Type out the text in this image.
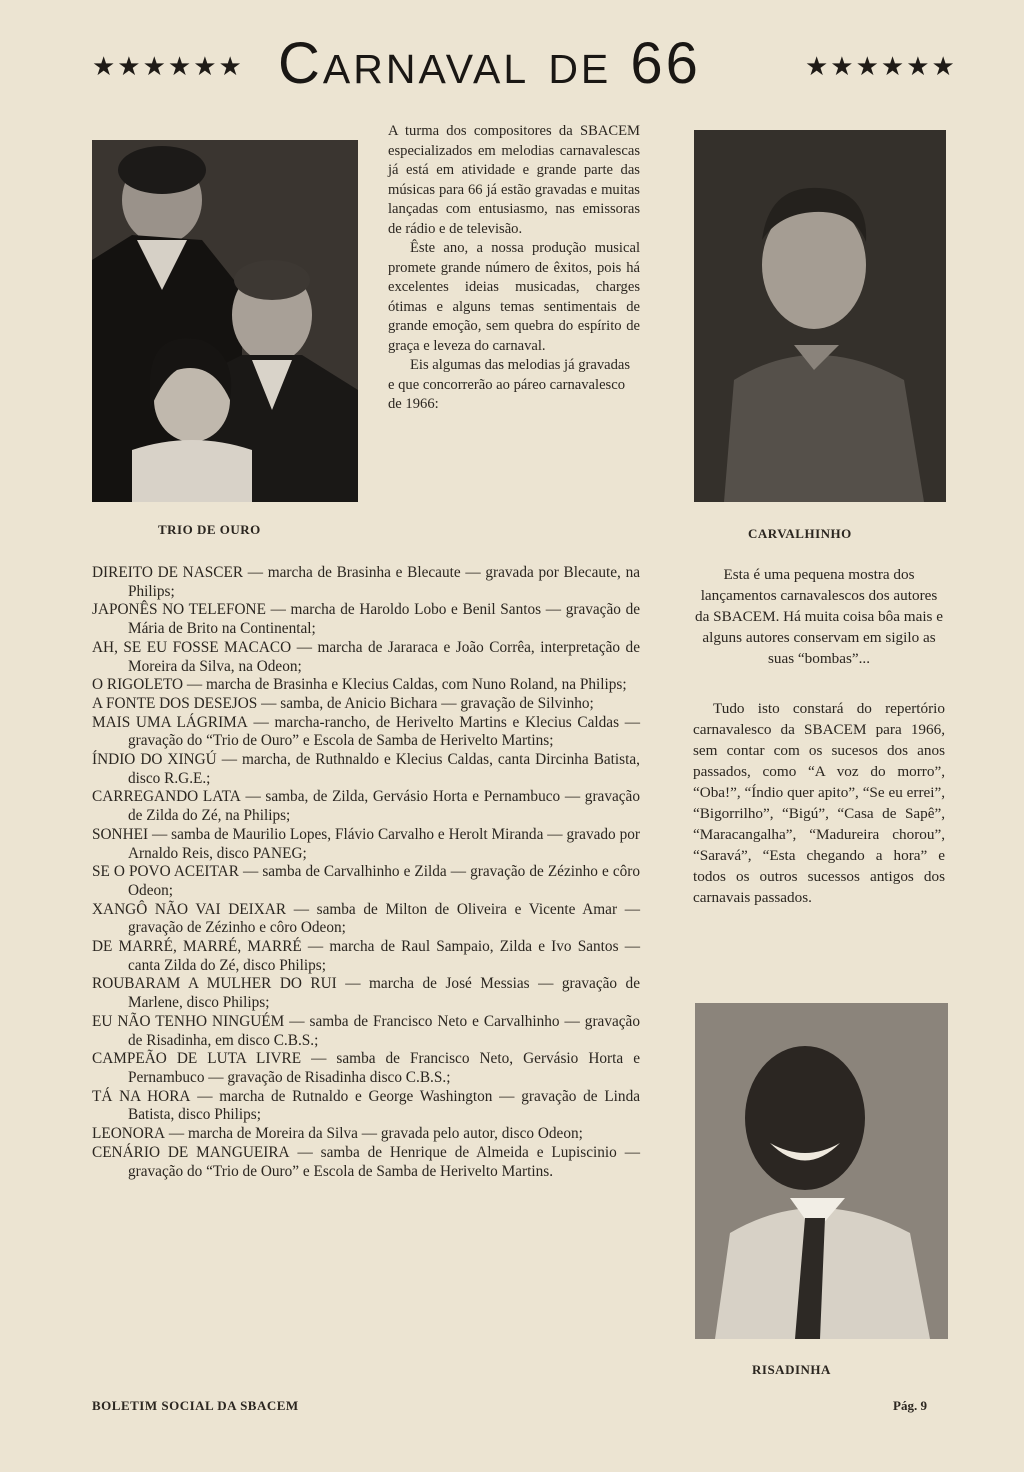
★★★★★★ Carnaval de 66	★★★★★★
TRIO DE OURO

A turma dos compositores da SBACEM especializados em melodias carnavalescas já está em atividade e grande parte das músicas para 66 já estão gravadas e muitas lançadas com entusiasmo, nas emissoras de rádio e de televisão.

Êste ano, a nossa produção musical promete grande número de êxitos, pois há excelentes ideias musicadas, charges ótimas e alguns temas sentimentais de grande emoção, sem quebra do espírito de graça e leveza do carnaval.

Eis algumas das melodias já gravadas e que concorrerão ao páreo carnavalesco de 1966:

CARVALHINHO
DIREITO DE NASCER — marcha de Brasinha e Blecaute — gravada por Blecaute, na Philips;
JAPONÊS NO TELEFONE — marcha de Haroldo Lobo e Benil Santos — gravação de Mária de Brito na Continental;
AH, SE EU FOSSE MACACO — marcha de Jararaca e João Corrêa, interpretação de Moreira da Silva, na Odeon;
O RIGOLETO — marcha de Brasinha e Klecius Caldas, com Nuno Roland, na Philips;
A FONTE DOS DESEJOS — samba, de Anicio Bichara — gravação de Silvinho;
MAIS UMA LÁGRIMA — marcha-rancho, de Herivelto Martins e Klecius Caldas — gravação do “Trio de Ouro” e Escola de Samba de Herivelto Martins;
ÍNDIO DO XINGÚ — marcha, de Ruthnaldo e Klecius Caldas, canta Dircinha Batista, disco R.G.E.;
CARREGANDO LATA — samba, de Zilda, Gervásio Horta e Pernambuco — gravação de Zilda do Zé, na Philips;
SONHEI — samba de Maurilio Lopes, Flávio Carvalho e Herolt Miranda — gravado por Arnaldo Reis, disco PANEG;
SE O POVO ACEITAR — samba de Carvalhinho e Zilda — gravação de Zézinho e côro Odeon;
XANGÔ NÃO VAI DEIXAR — samba de Milton de Oliveira e Vicente Amar — gravação de Zézinho e côro Odeon;
DE MARRÉ, MARRÉ, MARRÉ — marcha de Raul Sampaio, Zilda e Ivo Santos — canta Zilda do Zé, disco Philips;
ROUBARAM A MULHER DO RUI — marcha de José Messias — gravação de Marlene, disco Philips;
EU NÃO TENHO NINGUÉM — samba de Francisco Neto e Carvalhinho — gravação de Risadinha, em disco C.B.S.;
CAMPEÃO DE LUTA LIVRE — samba de Francisco Neto, Gervásio Horta e Pernambuco — gravação de Risadinha disco C.B.S.;
TÁ NA HORA — marcha de Rutnaldo e George Washington — gravação de Linda Batista, disco Philips;
LEONORA — marcha de Moreira da Silva — gravada pelo autor, disco Odeon;
CENÁRIO DE MANGUEIRA — samba de Henrique de Almeida e Lupiscinio — gravação do “Trio de Ouro” e Escola de Samba de Herivelto Martins.

Esta é uma pequena mostra dos lançamentos carnavalescos dos autores da SBACEM. Há muita coisa bôa mais e alguns autores conservam em sigilo as suas “bombas”...

Tudo isto constará do repertório carnavalesco da SBACEM para 1966, sem contar com os sucesos dos anos passados, como “A voz do morro”, “Oba!”, “Índio quer apito”, “Se eu errei”, “Bigorrilho”, “Bigú”, “Casa de Sapê”, “Maracangalha”, “Madureira chorou”, “Saravá”, “Esta chegando a hora” e todos os outros sucessos antigos dos carnavais passados.

RISADINHA
BOLETIM SOCIAL DA SBACEM	Pág. 9
